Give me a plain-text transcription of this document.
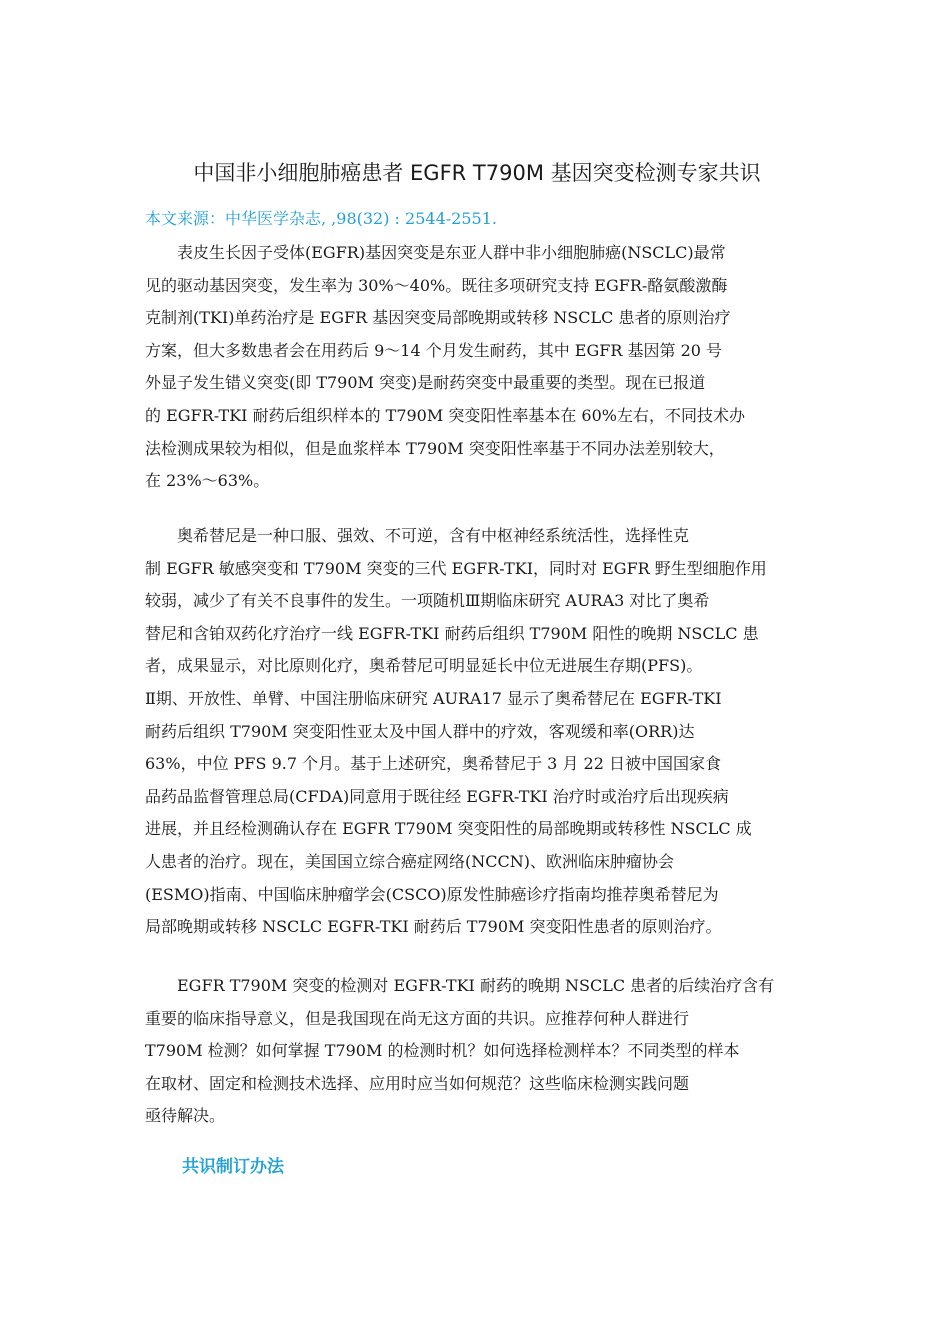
中国非小细胞肺癌患者 EGFR T790M 基因突变检测专家共识
本文来源：中华医学杂志, ,98(32) : 2544-2551.
　　表皮生长因子受体(EGFR)基因突变是东亚人群中非小细胞肺癌(NSCLC)最常
见的驱动基因突变，发生率为 30%～40%。既往多项研究支持 EGFR-酪氨酸激酶
克制剂(TKI)单药治疗是 EGFR 基因突变局部晚期或转移 NSCLC 患者的原则治疗
方案，但大多数患者会在用药后 9～14 个月发生耐药，其中 EGFR 基因第 20 号
外显子发生错义突变(即 T790M 突变)是耐药突变中最重要的类型。现在已报道
的 EGFR-TKI 耐药后组织样本的 T790M 突变阳性率基本在 60%左右，不同技术办
法检测成果较为相似，但是血浆样本 T790M 突变阳性率基于不同办法差别较大，
在 23%～63%。
　　奥希替尼是一种口服、强效、不可逆，含有中枢神经系统活性，选择性克
制 EGFR 敏感突变和 T790M 突变的三代 EGFR-TKI，同时对 EGFR 野生型细胞作用
较弱，减少了有关不良事件的发生。一项随机Ⅲ期临床研究 AURA3 对比了奥希
替尼和含铂双药化疗治疗一线 EGFR-TKI 耐药后组织 T790M 阳性的晚期 NSCLC 患
者，成果显示，对比原则化疗，奥希替尼可明显延长中位无进展生存期(PFS)。
Ⅱ期、开放性、单臂、中国注册临床研究 AURA17 显示了奥希替尼在 EGFR-TKI
耐药后组织 T790M 突变阳性亚太及中国人群中的疗效，客观缓和率(ORR)达
63%，中位 PFS 9.7 个月。基于上述研究，奥希替尼于 3 月 22 日被中国国家食
品药品监督管理总局(CFDA)同意用于既往经 EGFR-TKI 治疗时或治疗后出现疾病
进展，并且经检测确认存在 EGFR T790M 突变阳性的局部晚期或转移性 NSCLC 成
人患者的治疗。现在，美国国立综合癌症网络(NCCN)、欧洲临床肿瘤协会
(ESMO)指南、中国临床肿瘤学会(CSCO)原发性肺癌诊疗指南均推荐奥希替尼为
局部晚期或转移 NSCLC EGFR-TKI 耐药后 T790M 突变阳性患者的原则治疗。
　　EGFR T790M 突变的检测对 EGFR-TKI 耐药的晚期 NSCLC 患者的后续治疗含有
重要的临床指导意义，但是我国现在尚无这方面的共识。应推荐何种人群进行
T790M 检测？如何掌握 T790M 的检测时机？如何选择检测样本？不同类型的样本
在取材、固定和检测技术选择、应用时应当如何规范？这些临床检测实践问题
亟待解决。
共识制订办法
